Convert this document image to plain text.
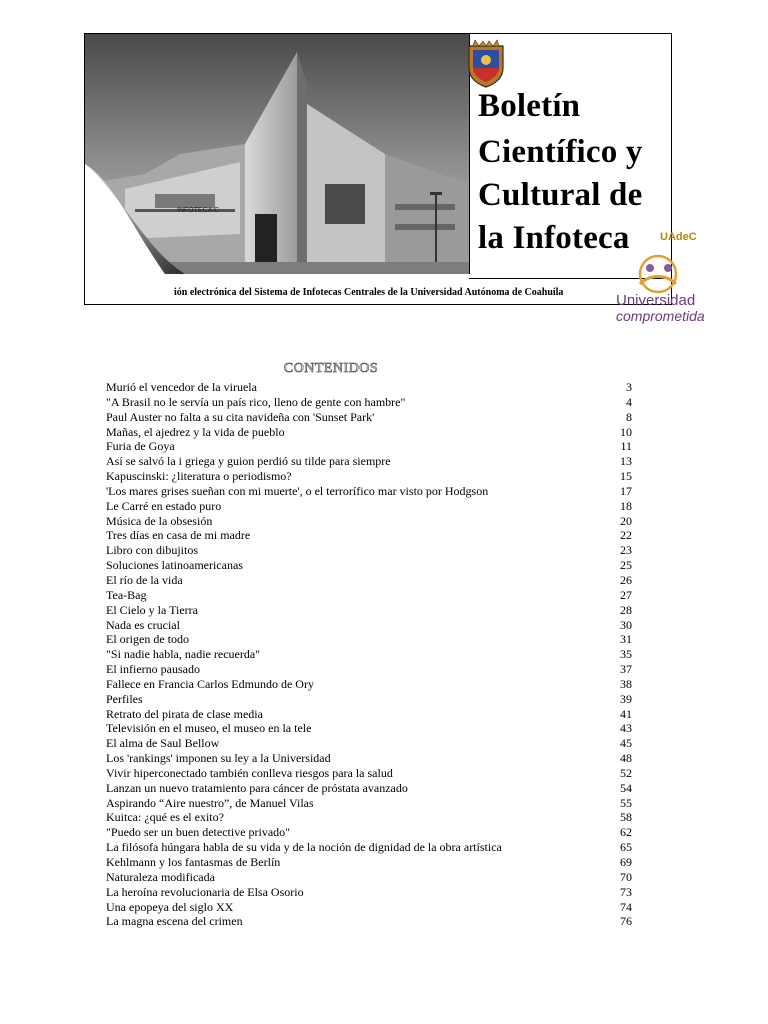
INFOTECA C
Boletín
Científico y
Cultural de
la Infoteca
ión electrónica del Sistema de Infotecas Centrales de la Universidad Autónoma de Coahuila
UAdeC
Universidad
comprometida
CONTENIDOS
Murió el vencedor de la viruela	3
"A Brasil no le servía un país rico, lleno de gente con hambre"	4
Paul Auster no falta a su cita navideña con 'Sunset Park'	8
Mañas, el ajedrez y la vida de pueblo	10
Furia de Goya	11
Así se salvó la i griega y guion perdió su tilde para siempre	13
Kapuscinski: ¿literatura o periodismo?	15
'Los mares grises sueñan con mi muerte', o el terrorífico mar visto por Hodgson	17
Le Carré en estado puro	18
Música de la obsesión	20
Tres días en casa de mi madre	22
Libro con dibujitos	23
Soluciones latinoamericanas	25
El río de la vida	26
Tea-Bag	27
El Cielo y la Tierra	28
Nada es crucial	30
El origen de todo	31
"Si nadie habla, nadie recuerda"	35
El infierno pausado	37
Fallece en Francia Carlos Edmundo de Ory	38
Perfiles	39
Retrato del pirata de clase media	41
Televisión en el museo, el museo en la tele	43
El alma de Saul Bellow	45
Los 'rankings' imponen su ley a la Universidad	48
Vivir hiperconectado también conlleva riesgos para la salud	52
Lanzan un nuevo tratamiento para cáncer de próstata avanzado	54
Aspirando “Aire nuestro”, de Manuel Vilas	55
Kuitca: ¿qué es el exito?	58
"Puedo ser un buen detective privado"	62
La filósofa húngara habla de su vida y de la noción de dignidad de la obra artística	65
Kehlmann y los fantasmas de Berlín	69
Naturaleza modificada	70
La heroína revolucionaria de Elsa Osorio	73
Una epopeya del siglo XX	74
La magna escena del crimen	76
